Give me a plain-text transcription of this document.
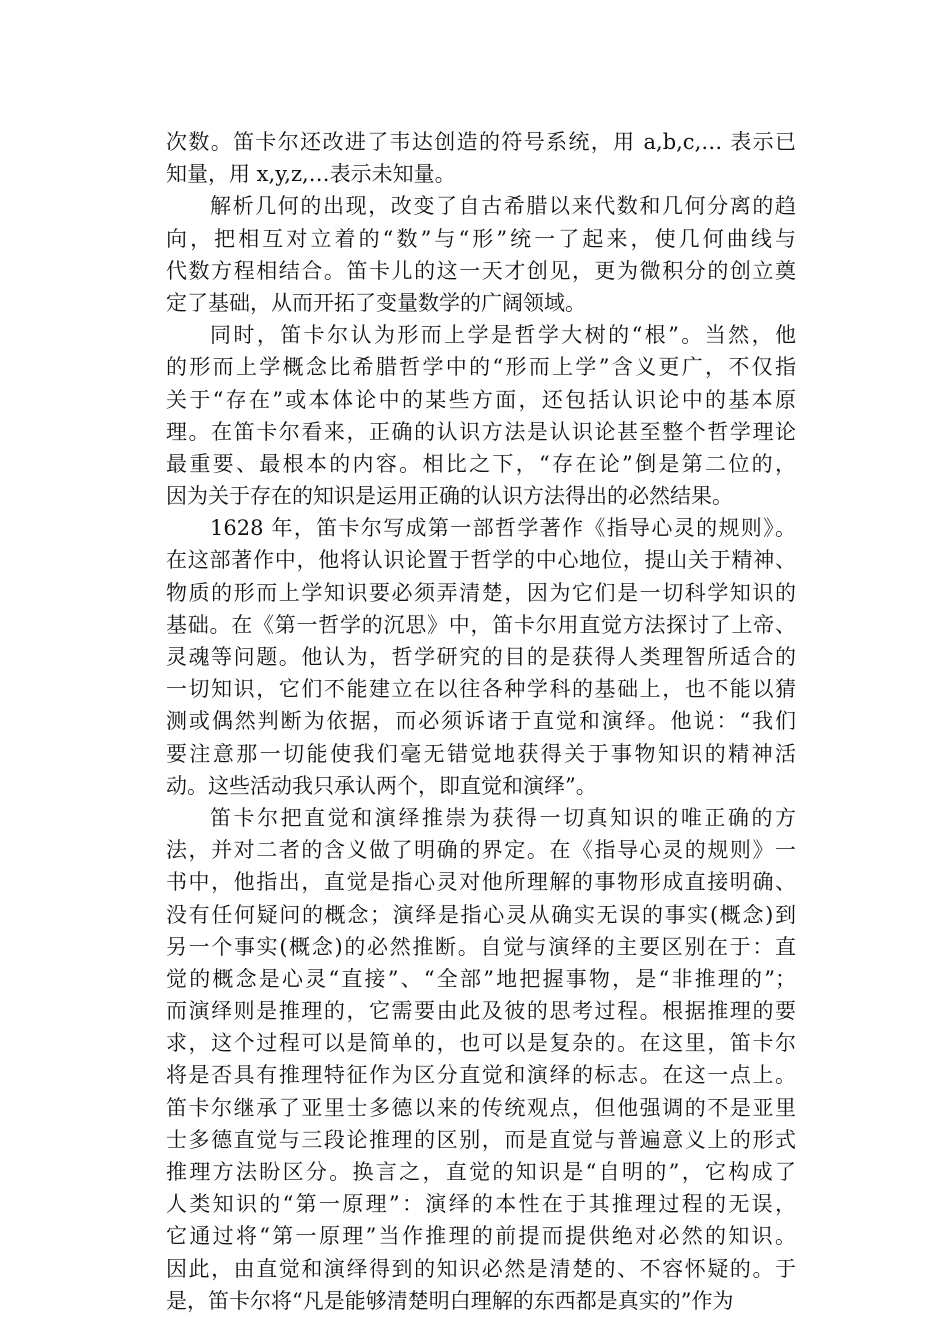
次数。笛卡尔还改进了韦达创造的符号系统，用 a,b,c,… 表示已
知量，用 x,y,z,…表示未知量。
解析几何的出现，改变了自古希腊以来代数和几何分离的趋
向，把相互对立着的“数”与“形”统一了起来，使几何曲线与
代数方程相结合。笛卡儿的这一天才创见，更为微积分的创立奠
定了基础，从而开拓了变量数学的广阔领域。
同时，笛卡尔认为形而上学是哲学大树的“根”。当然，他
的形而上学概念比希腊哲学中的“形而上学”含义更广，不仅指
关于“存在”或本体论中的某些方面，还包括认识论中的基本原
理。在笛卡尔看来，正确的认识方法是认识论甚至整个哲学理论
最重要、最根本的内容。相比之下，“存在论”倒是第二位的，
因为关于存在的知识是运用正确的认识方法得出的必然结果。
1628 年，笛卡尔写成第一部哲学著作《指导心灵的规则》。
在这部著作中，他将认识论置于哲学的中心地位，提山关于精神、
物质的形而上学知识要必须弄清楚，因为它们是一切科学知识的
基础。在《第一哲学的沉思》中，笛卡尔用直觉方法探讨了上帝、
灵魂等问题。他认为，哲学研究的目的是获得人类理智所适合的
一切知识，它们不能建立在以往各种学科的基础上，也不能以猜
测或偶然判断为依据，而必须诉诸于直觉和演绎。他说：“我们
要注意那一切能使我们毫无错觉地获得关于事物知识的精神活
动。这些活动我只承认两个，即直觉和演绎”。
笛卡尔把直觉和演绎推崇为获得一切真知识的唯正确的方
法，并对二者的含义做了明确的界定。在《指导心灵的规则》一
书中，他指出，直觉是指心灵对他所理解的事物形成直接明确、
没有任何疑问的概念；演绎是指心灵从确实无误的事实(概念)到
另一个事实(概念)的必然推断。自觉与演绎的主要区别在于：直
觉的概念是心灵“直接”、“全部”地把握事物，是“非推理的”；
而演绎则是推理的，它需要由此及彼的思考过程。根据推理的要
求，这个过程可以是简单的，也可以是复杂的。在这里，笛卡尔
将是否具有推理特征作为区分直觉和演绎的标志。在这一点上。
笛卡尔继承了亚里士多德以来的传统观点，但他强调的不是亚里
士多德直觉与三段论推理的区别，而是直觉与普遍意义上的形式
推理方法盼区分。换言之，直觉的知识是“自明的”，它构成了
人类知识的“第一原理”：演绎的本性在于其推理过程的无误，
它通过将“第一原理”当作推理的前提而提供绝对必然的知识。
因此，由直觉和演绎得到的知识必然是清楚的、不容怀疑的。于
是，笛卡尔将“凡是能够清楚明白理解的东西都是真实的”作为
